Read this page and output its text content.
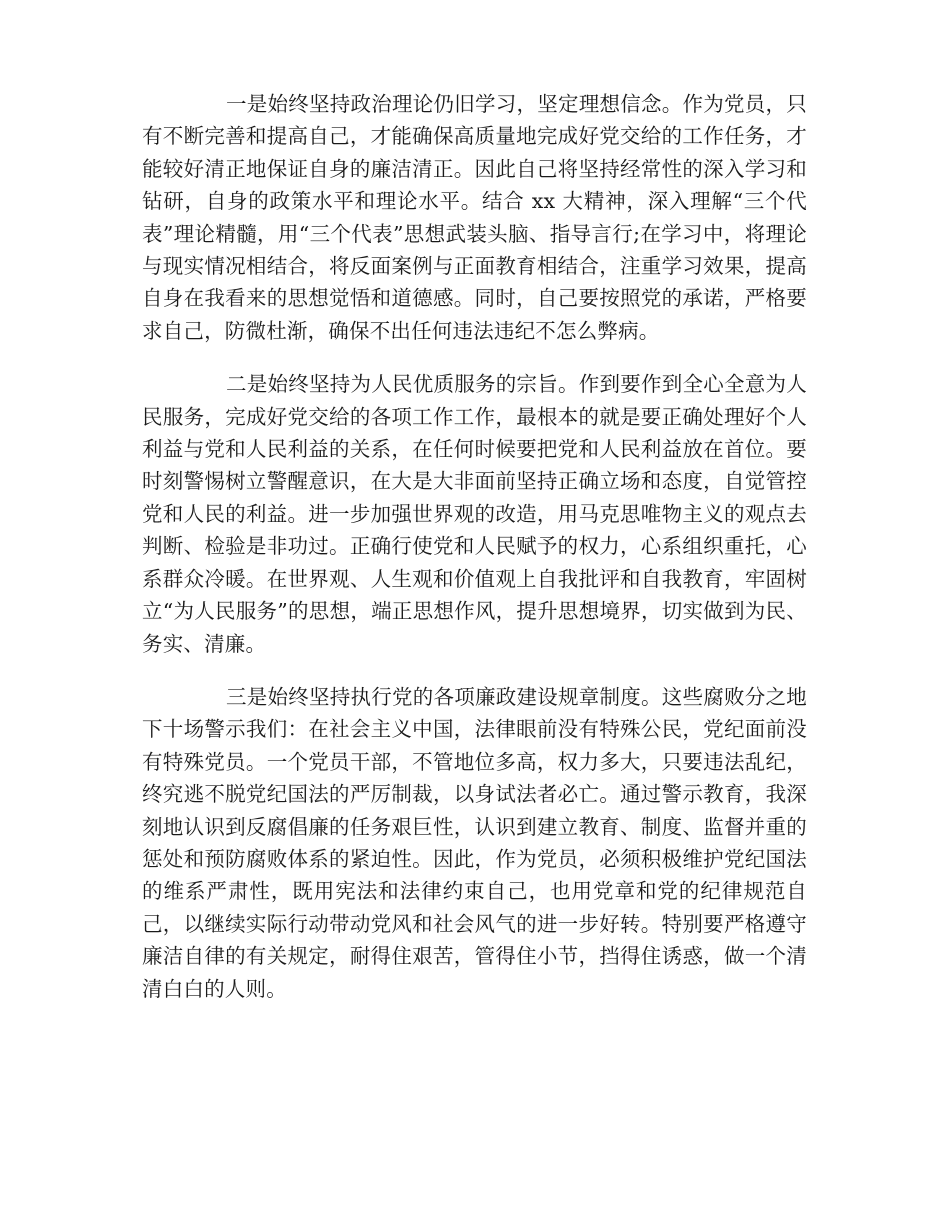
一是始终坚持政治理论仍旧学习，坚定理想信念。作为党员，只有不断完善和提高自己，才能确保高质量地完成好党交给的工作任务，才能较好清正地保证自身的廉洁清正。因此自己将坚持经常性的深入学习和钻研，自身的政策水平和理论水平。结合 xx 大精神，深入理解“三个代表”理论精髓，用“三个代表”思想武装头脑、指导言行;在学习中，将理论与现实情况相结合，将反面案例与正面教育相结合，注重学习效果，提高自身在我看来的思想觉悟和道德感。同时，自己要按照党的承诺，严格要求自己，防微杜渐，确保不出任何违法违纪不怎么弊病。

二是始终坚持为人民优质服务的宗旨。作到要作到全心全意为人民服务，完成好党交给的各项工作工作，最根本的就是要正确处理好个人利益与党和人民利益的关系，在任何时候要把党和人民利益放在首位。要时刻警惕树立警醒意识，在大是大非面前坚持正确立场和态度，自觉管控党和人民的利益。进一步加强世界观的改造，用马克思唯物主义的观点去判断、检验是非功过。正确行使党和人民赋予的权力，心系组织重托，心系群众冷暖。在世界观、人生观和价值观上自我批评和自我教育，牢固树立“为人民服务”的思想，端正思想作风，提升思想境界，切实做到为民、务实、清廉。

三是始终坚持执行党的各项廉政建设规章制度。这些腐败分之地下十场警示我们：在社会主义中国，法律眼前没有特殊公民，党纪面前没有特殊党员。一个党员干部，不管地位多高，权力多大，只要违法乱纪，终究逃不脱党纪国法的严厉制裁，以身试法者必亡。通过警示教育，我深刻地认识到反腐倡廉的任务艰巨性，认识到建立教育、制度、监督并重的惩处和预防腐败体系的紧迫性。因此，作为党员，必须积极维护党纪国法的维系严肃性，既用宪法和法律约束自己，也用党章和党的纪律规范自己，以继续实际行动带动党风和社会风气的进一步好转。特别要严格遵守廉洁自律的有关规定，耐得住艰苦，管得住小节，挡得住诱惑，做一个清清白白的人则。
